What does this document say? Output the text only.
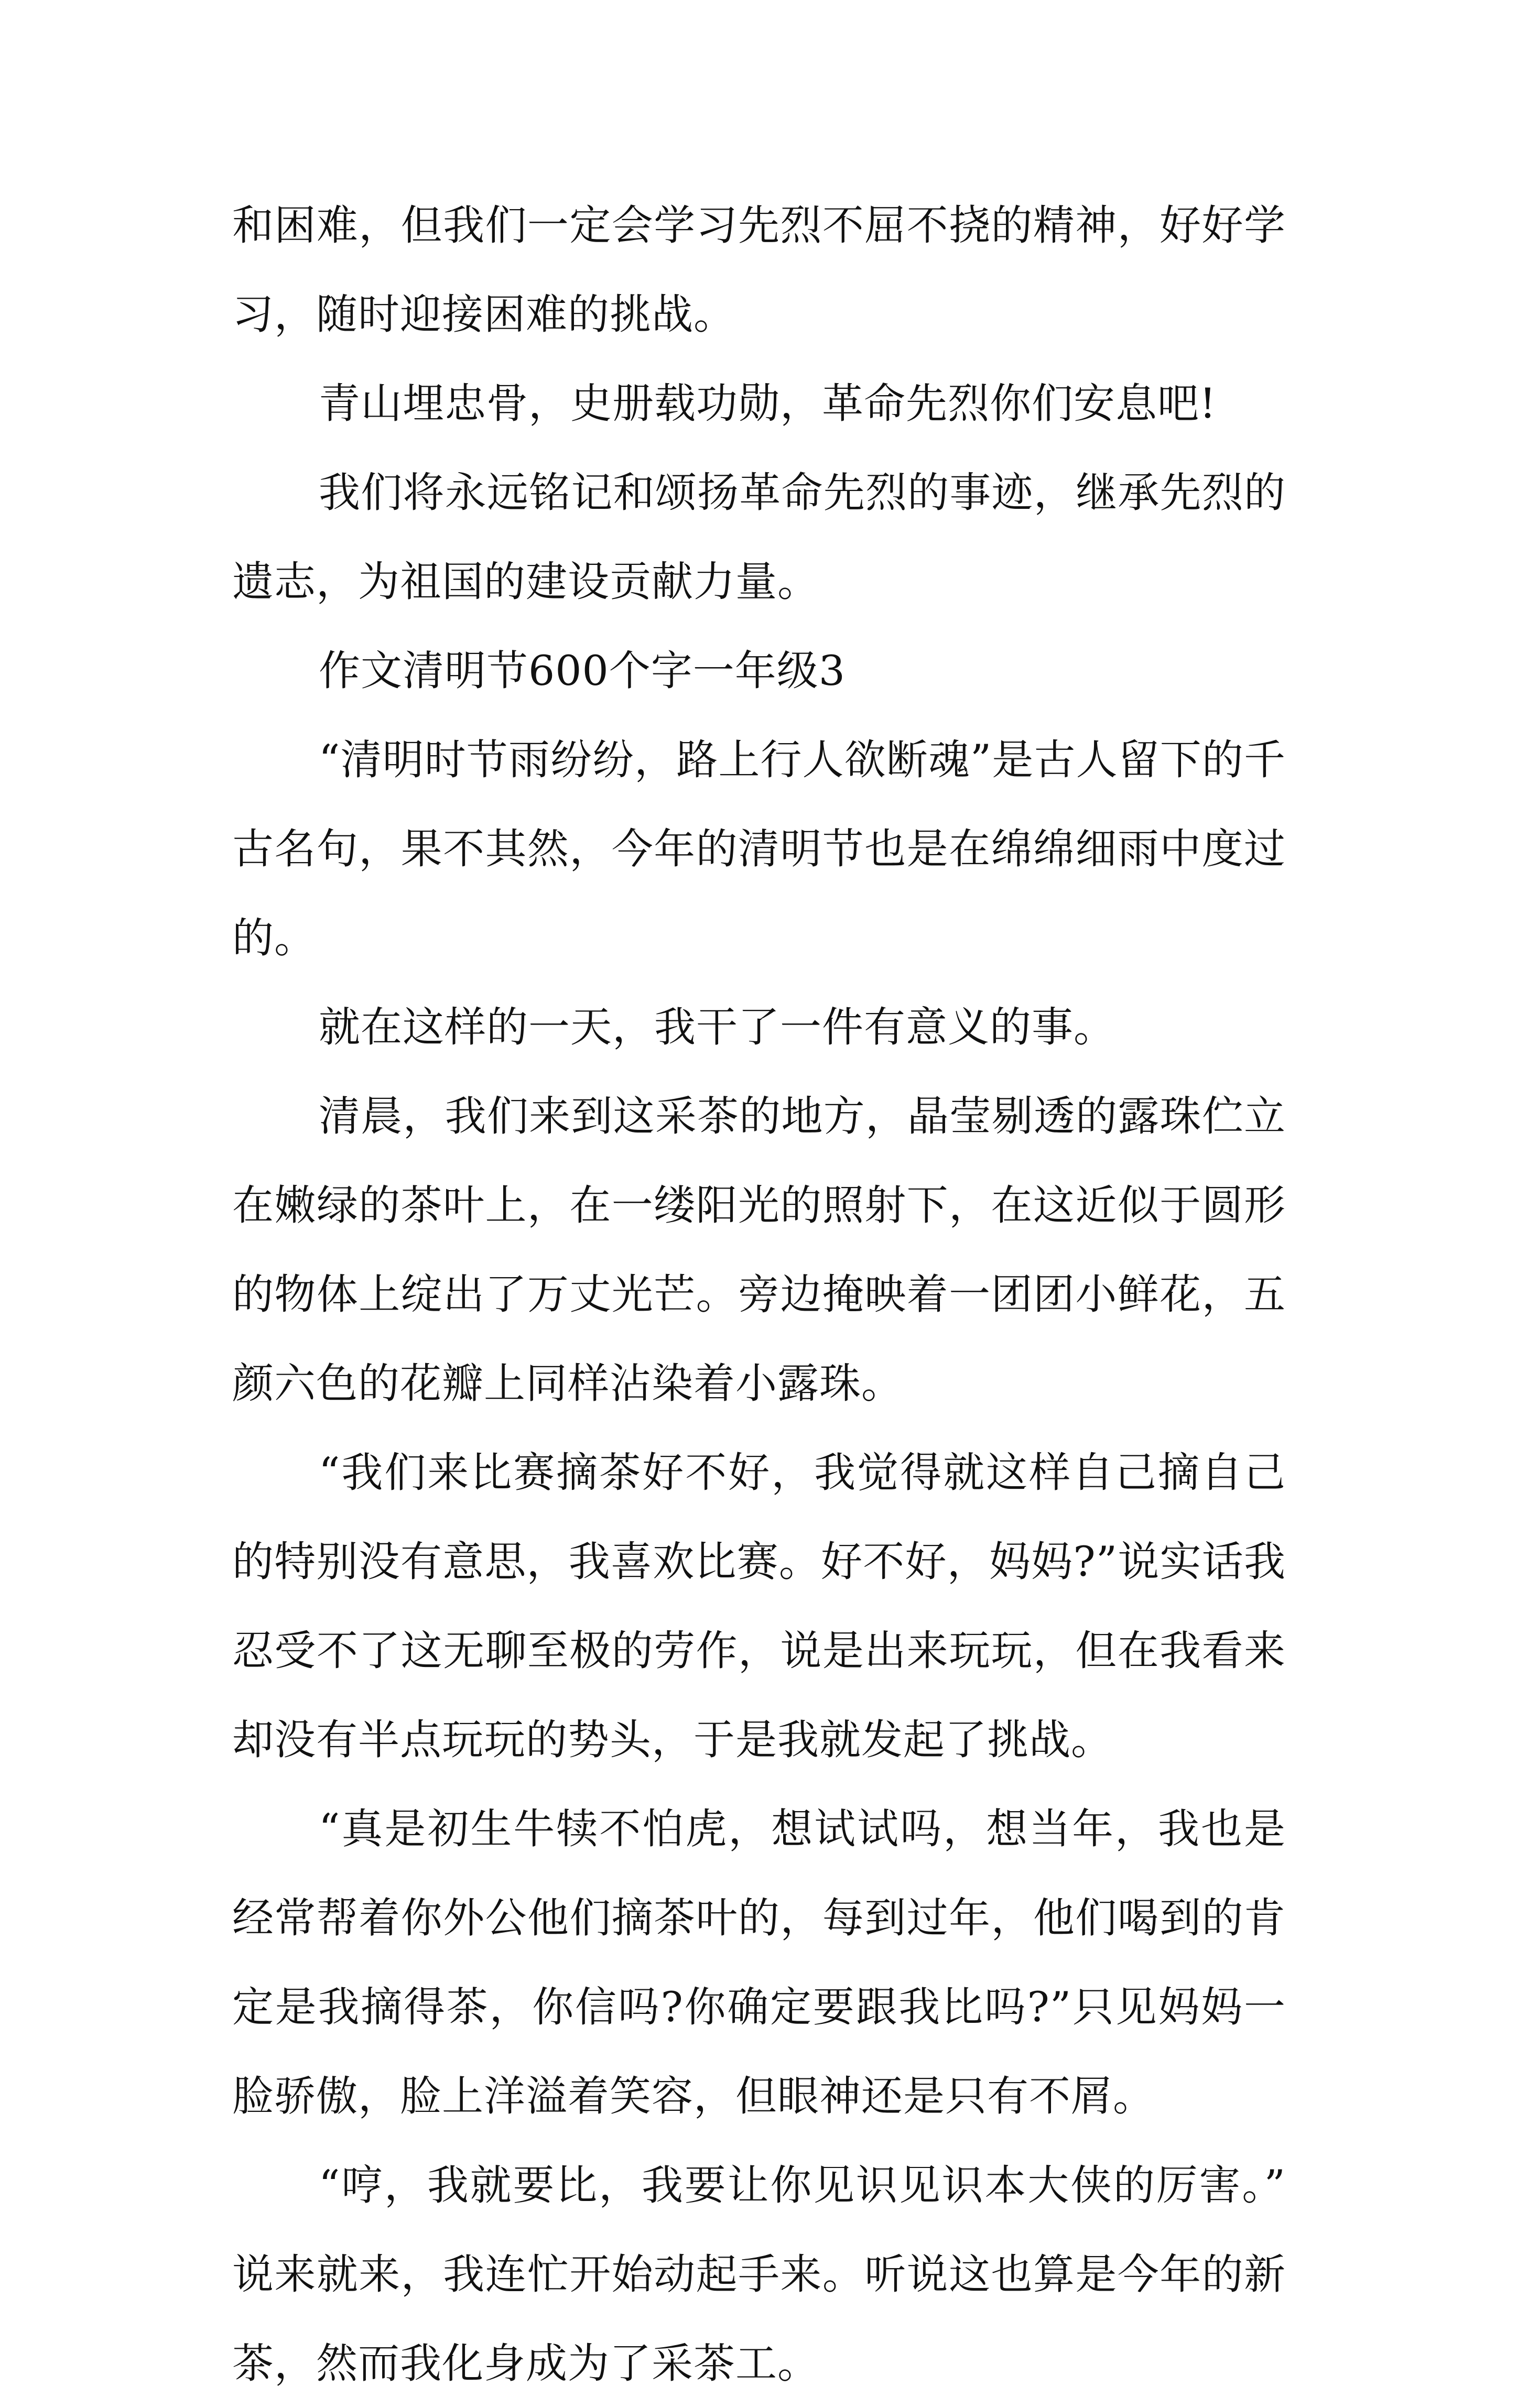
和困难，但我们一定会学习先烈不屈不挠的精神，好好学习，随时迎接困难的挑战。

青山埋忠骨，史册载功勋，革命先烈你们安息吧!

我们将永远铭记和颂扬革命先烈的事迹，继承先烈的遗志，为祖国的建设贡献力量。

作文清明节600个字一年级3

“清明时节雨纷纷，路上行人欲断魂”是古人留下的千古名句，果不其然，今年的清明节也是在绵绵细雨中度过的。

就在这样的一天，我干了一件有意义的事。

清晨，我们来到这采茶的地方，晶莹剔透的露珠伫立在嫩绿的茶叶上，在一缕阳光的照射下，在这近似于圆形的物体上绽出了万丈光芒。旁边掩映着一团团小鲜花，五颜六色的花瓣上同样沾染着小露珠。

“我们来比赛摘茶好不好，我觉得就这样自己摘自己的特别没有意思，我喜欢比赛。好不好，妈妈?”说实话我忍受不了这无聊至极的劳作，说是出来玩玩，但在我看来却没有半点玩玩的势头，于是我就发起了挑战。

“真是初生牛犊不怕虎，想试试吗，想当年，我也是经常帮着你外公他们摘茶叶的，每到过年，他们喝到的肯定是我摘得茶，你信吗?你确定要跟我比吗?”只见妈妈一脸骄傲，脸上洋溢着笑容，但眼神还是只有不屑。

“哼，我就要比，我要让你见识见识本大侠的厉害。”说来就来，我连忙开始动起手来。听说这也算是今年的新茶，然而我化身成为了采茶工。
